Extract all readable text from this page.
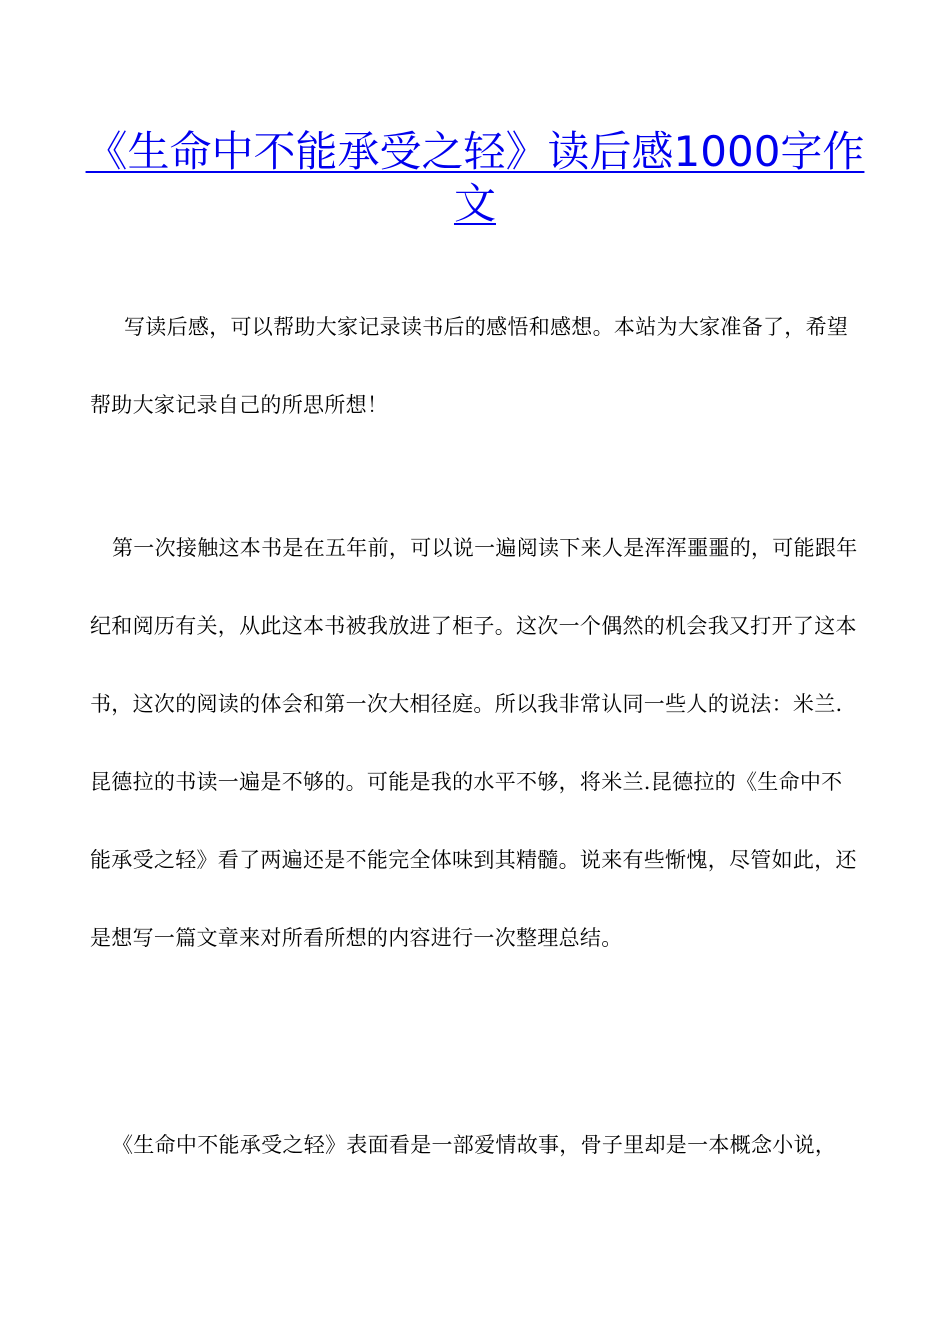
《生命中不能承受之轻》读后感1000字作文

写读后感，可以帮助大家记录读书后的感悟和感想。本站为大家准备了，希望帮助大家记录自己的所思所想！

第一次接触这本书是在五年前，可以说一遍阅读下来人是浑浑噩噩的，可能跟年纪和阅历有关，从此这本书被我放进了柜子。这次一个偶然的机会我又打开了这本书，这次的阅读的体会和第一次大相径庭。所以我非常认同一些人的说法：米兰.昆德拉的书读一遍是不够的。可能是我的水平不够，将米兰.昆德拉的《生命中不能承受之轻》看了两遍还是不能完全体味到其精髓。说来有些惭愧，尽管如此，还是想写一篇文章来对所看所想的内容进行一次整理总结。

《生命中不能承受之轻》表面看是一部爱情故事，骨子里却是一本概念小说，
